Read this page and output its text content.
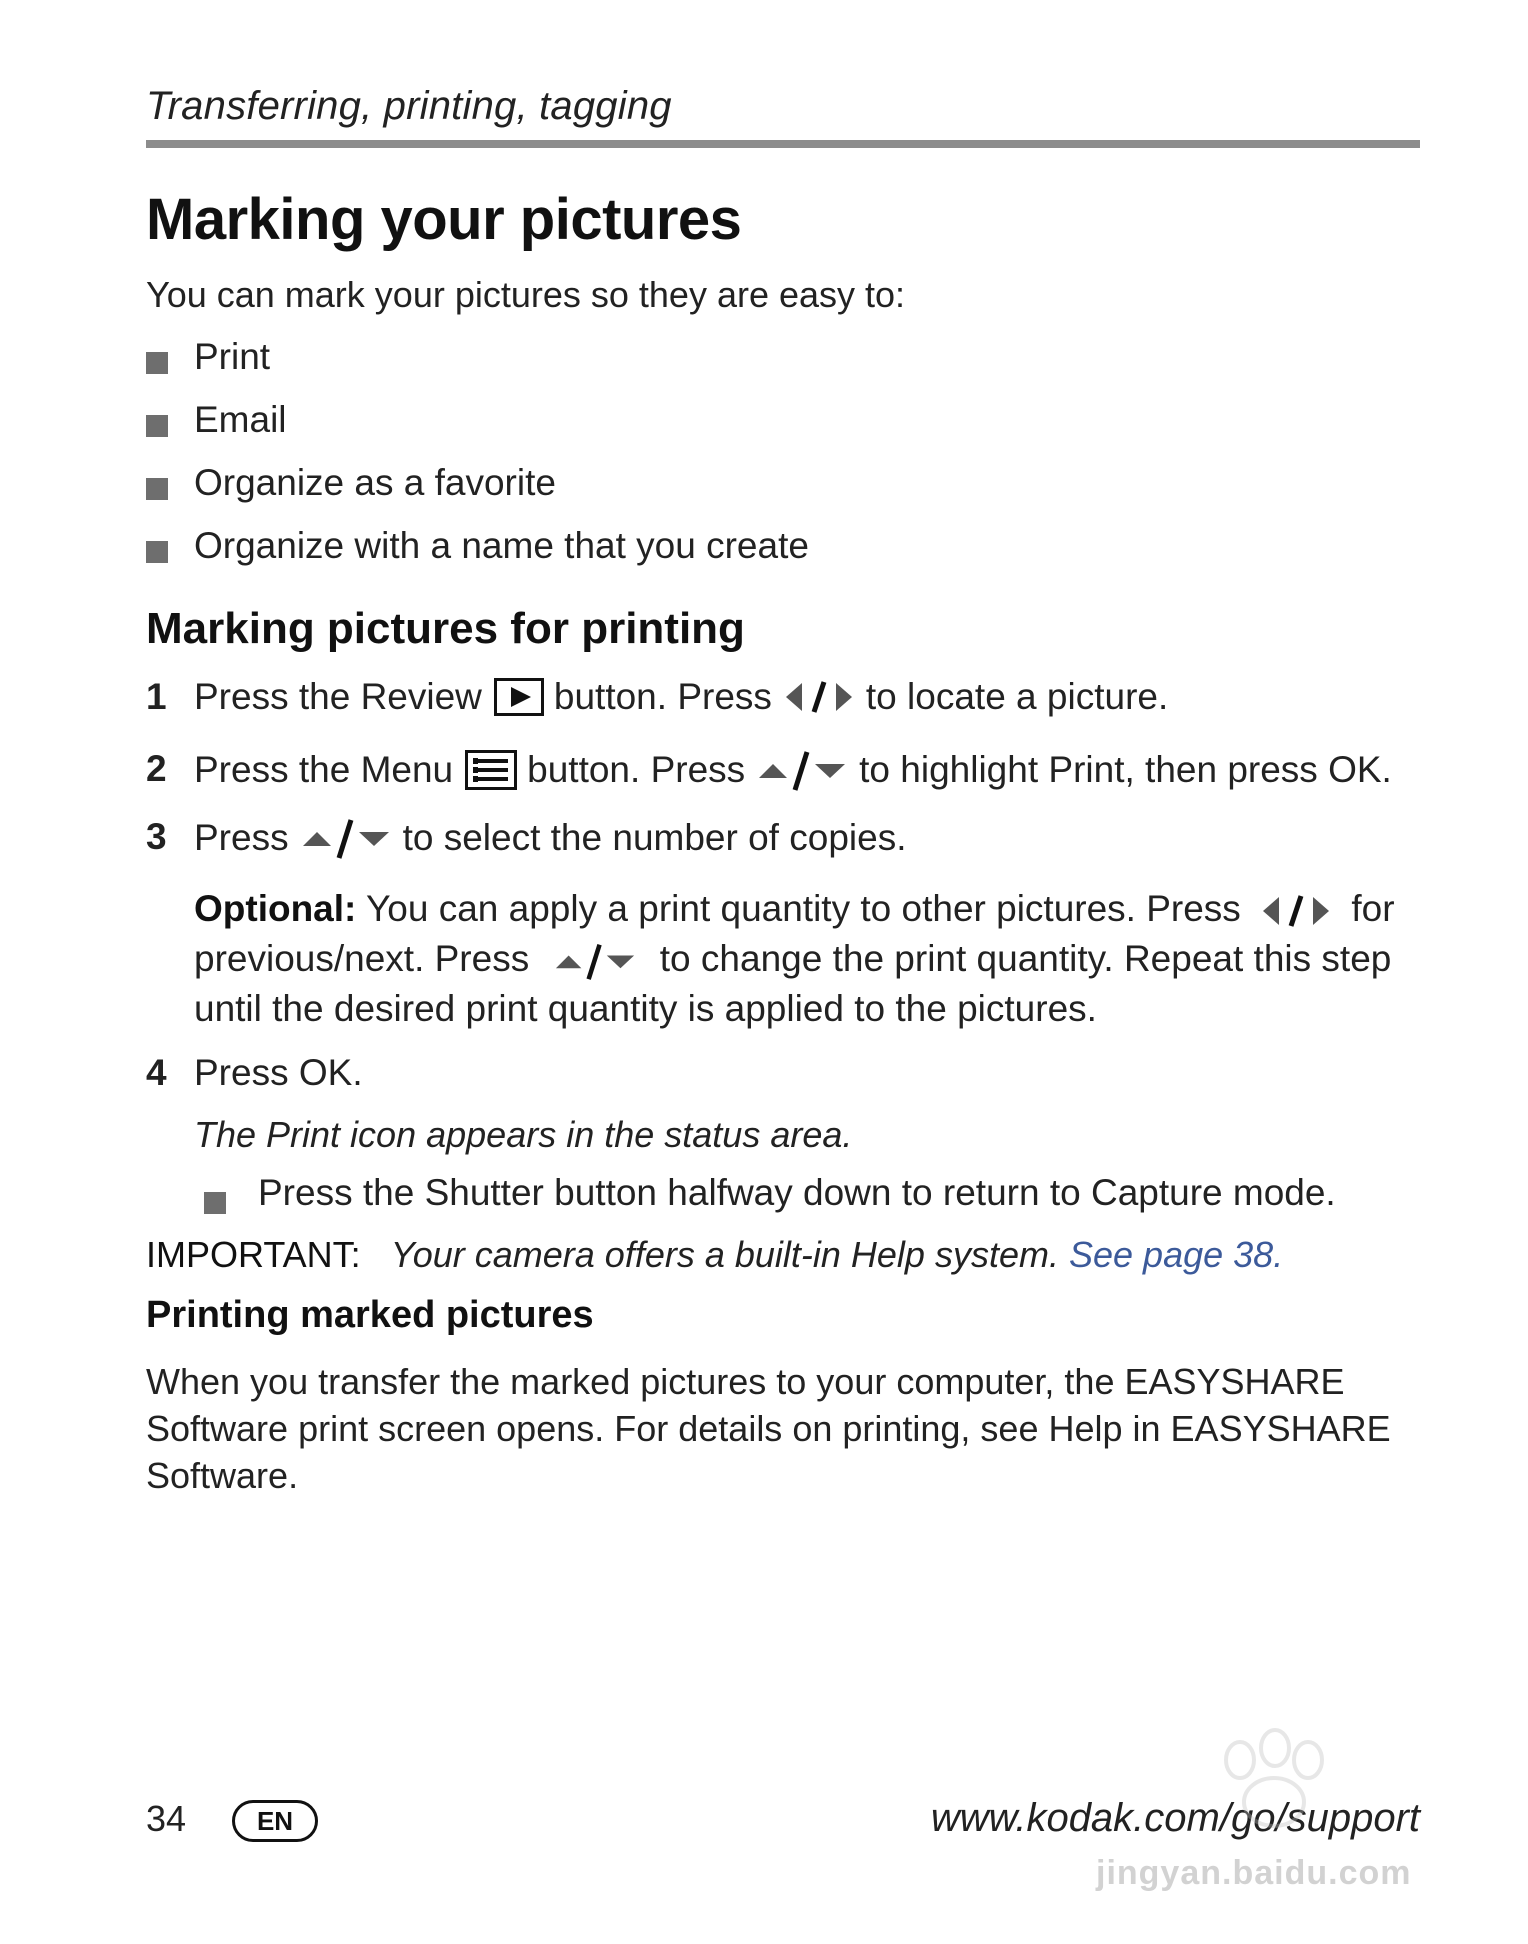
Transferring, printing, tagging
Marking your pictures
You can mark your pictures so they are easy to:
Print
Email
Organize as a favorite
Organize with a name that you create
Marking pictures for printing
1 Press the Review button. Press	to locate a picture.
2 Press the Menu button. Press	to highlight Print, then press OK.
3 Press	to select the number of copies.
Optional: You can apply a print quantity to other pictures. Press	for previous/next. Press	to change the print quantity. Repeat this step until the desired print quantity is applied to the pictures.
4 Press OK.
The Print icon appears in the status area.
Press the Shutter button halfway down to return to Capture mode.
IMPORTANT: Your camera offers a built-in Help system. See page 38.
Printing marked pictures
When you transfer the marked pictures to your computer, the EASYSHARE Software print screen opens. For details on printing, see Help in EASYSHARE Software.
34	EN	www.kodak.com/go/support
jingyan.baidu.com
